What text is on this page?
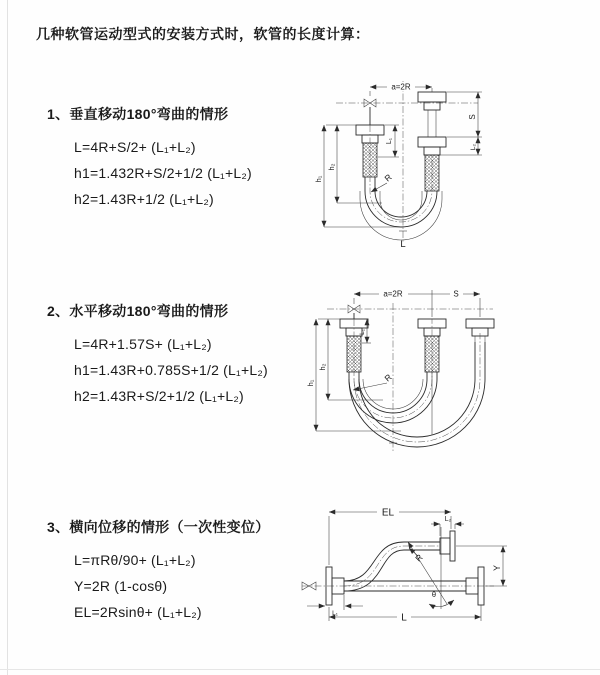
几种软管运动型式的安装方式时，软管的长度计算：
1、垂直移动180°弯曲的情形
L=4R+S/2+ (L₁+L₂)
h1=1.432R+S/2+1/2 (L₁+L₂)
h2=1.43R+1/2 (L₁+L₂)
a=2R
L₁
S
L₂
h₁
h₂
R
L
2、水平移动180°弯曲的情形
L=4R+1.57S+ (L₁+L₂)
h1=1.43R+0.785S+1/2 (L₁+L₂)
h2=1.43R+S/2+1/2 (L₁+L₂)
a=2R	S
h₁
h₂
L₁
R
3、横向位移的情形（一次性变位）
L=πRθ/90+ (L₁+L₂)
Y=2R (1-cosθ)
EL=2Rsinθ+ (L₁+L₂)
EL
L₂
Y
θ
R
L₁	L
